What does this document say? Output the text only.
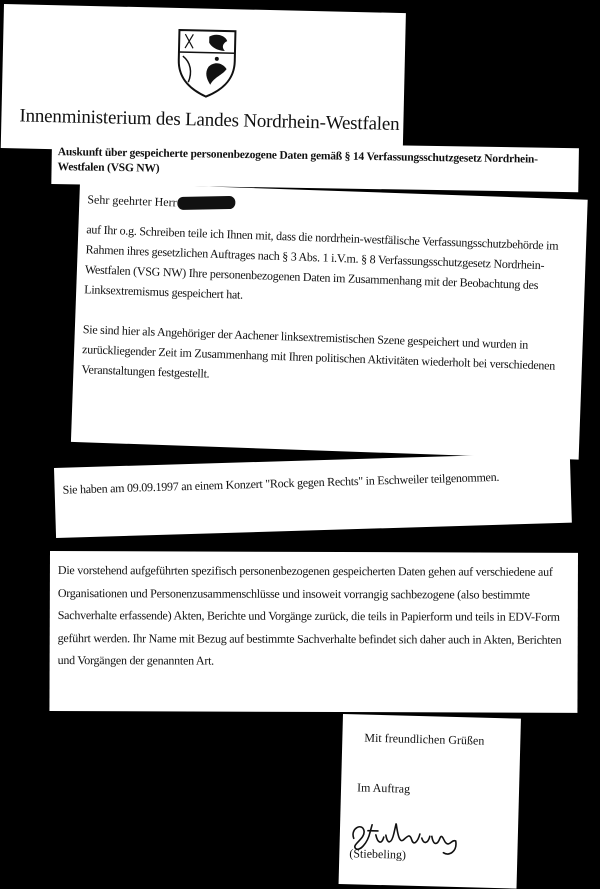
Innenministerium des Landes Nordrhein-Westfalen

Auskunft über gespeicherte personenbezogene Daten gemäß § 14 Verfassungsschutzgesetz Nordrhein-Westfalen (VSG NW)

Sehr geehrter Herr

auf Ihr o.g. Schreiben teile ich Ihnen mit, dass die nordrhein-westfälische Verfassungsschutzbehörde im Rahmen ihres gesetzlichen Auftrages nach § 3 Abs. 1 i.V.m. § 8 Verfassungsschutzgesetz Nordrhein-Westfalen (VSG NW) Ihre personenbezogenen Daten im Zusammenhang mit der Beobachtung des Linksextremismus gespeichert hat.

Sie sind hier als Angehöriger der Aachener linksextremistischen Szene gespeichert und wurden in zurückliegender Zeit im Zusammenhang mit Ihren politischen Aktivitäten wiederholt bei verschiedenen Veranstaltungen festgestellt.

Sie haben am 09.09.1997 an einem Konzert "Rock gegen Rechts" in Eschweiler teilgenommen.

Die vorstehend aufgeführten spezifisch personenbezogenen gespeicherten Daten gehen auf verschiedene auf Organisationen und Personenzusammenschlüsse und insoweit vorrangig sachbezogene (also bestimmte Sachverhalte erfassende) Akten, Berichte und Vorgänge zurück, die teils in Papierform und teils in EDV-Form geführt werden. Ihr Name mit Bezug auf bestimmte Sachverhalte befindet sich daher auch in Akten, Berichten und Vorgängen der genannten Art.

Mit freundlichen Grüßen
Im Auftrag
(Stiebeling)
